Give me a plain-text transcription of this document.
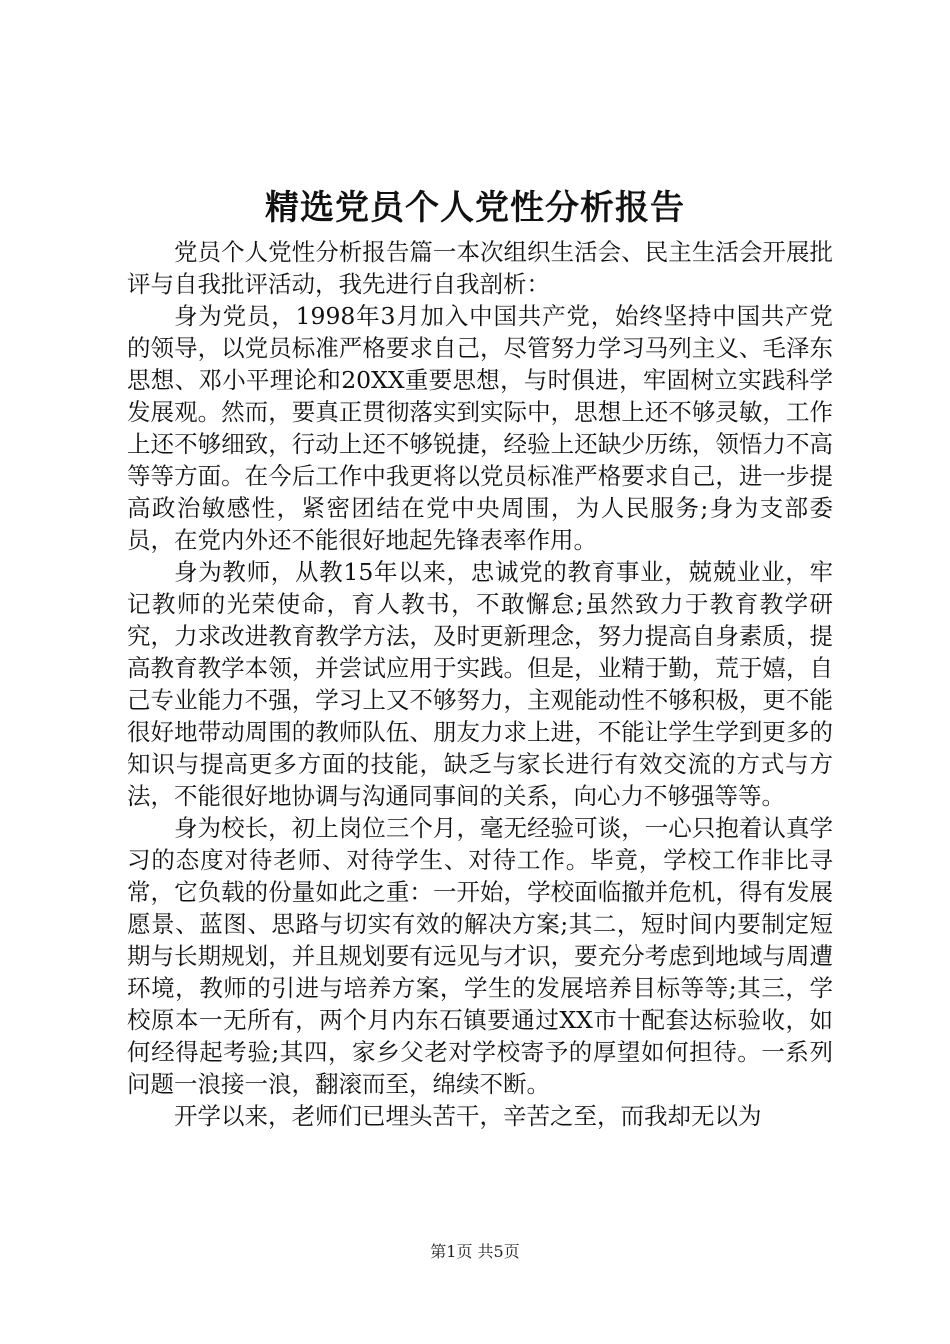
精选党员个人党性分析报告

党员个人党性分析报告篇一本次组织生活会、民主生活会开展批评与自我批评活动，我先进行自我剖析：

身为党员，1998年3月加入中国共产党，始终坚持中国共产党的领导，以党员标准严格要求自己，尽管努力学习马列主义、毛泽东思想、邓小平理论和20XX重要思想，与时俱进，牢固树立实践科学发展观。然而，要真正贯彻落实到实际中，思想上还不够灵敏，工作上还不够细致，行动上还不够锐捷，经验上还缺少历练，领悟力不高等等方面。在今后工作中我更将以党员标准严格要求自己，进一步提高政治敏感性，紧密团结在党中央周围，为人民服务;身为支部委员，在党内外还不能很好地起先锋表率作用。

身为教师，从教15年以来，忠诚党的教育事业，兢兢业业，牢记教师的光荣使命，育人教书，不敢懈怠;虽然致力于教育教学研究，力求改进教育教学方法，及时更新理念，努力提高自身素质，提高教育教学本领，并尝试应用于实践。但是，业精于勤，荒于嬉，自己专业能力不强，学习上又不够努力，主观能动性不够积极，更不能很好地带动周围的教师队伍、朋友力求上进，不能让学生学到更多的知识与提高更多方面的技能，缺乏与家长进行有效交流的方式与方法，不能很好地协调与沟通同事间的关系，向心力不够强等等。

身为校长，初上岗位三个月，毫无经验可谈，一心只抱着认真学习的态度对待老师、对待学生、对待工作。毕竟，学校工作非比寻常，它负载的份量如此之重：一开始，学校面临撤并危机，得有发展愿景、蓝图、思路与切实有效的解决方案;其二，短时间内要制定短期与长期规划，并且规划要有远见与才识，要充分考虑到地域与周遭环境，教师的引进与培养方案，学生的发展培养目标等等;其三，学校原本一无所有，两个月内东石镇要通过XX市十配套达标验收，如何经得起考验;其四，家乡父老对学校寄予的厚望如何担待。一系列问题一浪接一浪，翻滚而至，绵续不断。

开学以来，老师们已埋头苦干，辛苦之至，而我却无以为

第1页 共5页
